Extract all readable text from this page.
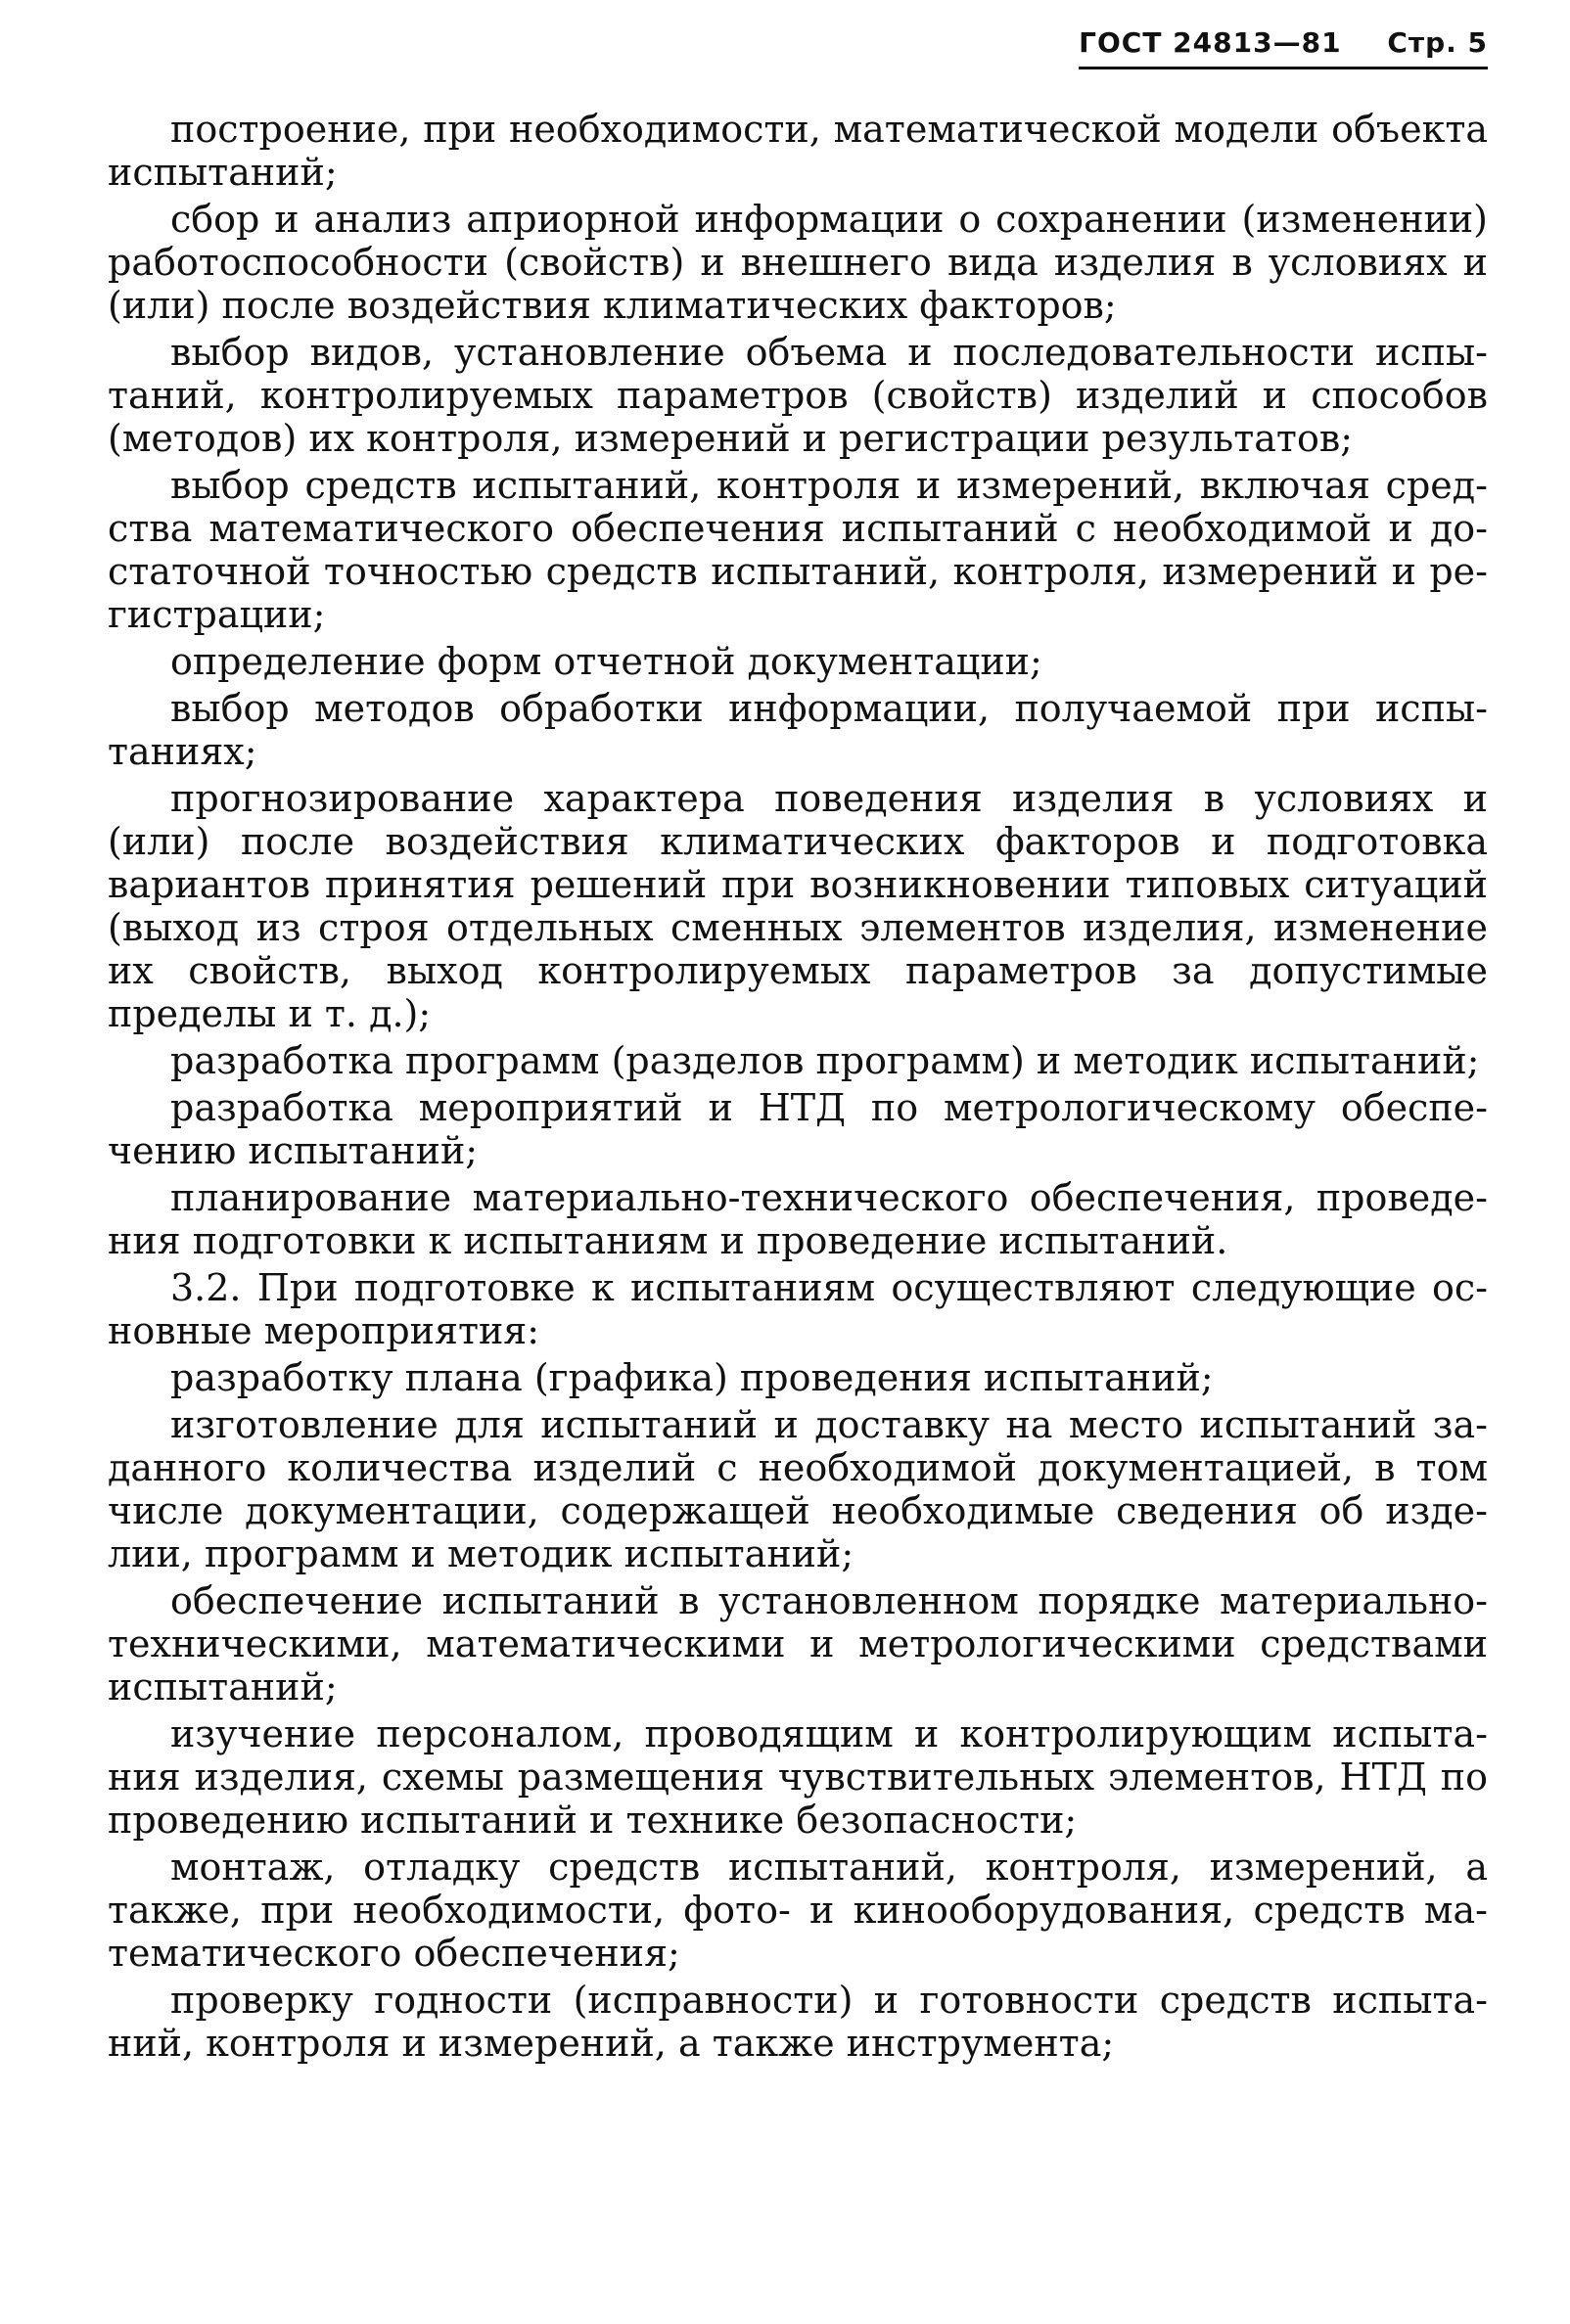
ГОСТ 24813—81 Стр. 5

построение, при необходимости, математической модели объекта испытаний;

сбор и анализ априорной информации о сохранении (изменении) работоспособности (свойств) и внешнего вида изделия в условиях и (или) после воздействия климатических факторов;

выбор видов, установление объема и последовательности испытаний, контролируемых параметров (свойств) изделий и способов (методов) их контроля, измерений и регистрации результатов;

выбор средств испытаний, контроля и измерений, включая средства математического обеспечения испытаний с необходимой и достаточной точностью средств испытаний, контроля, измерений и регистрации;

определение форм отчетной документации;

выбор методов обработки информации, получаемой при испытаниях;

прогнозирование характера поведения изделия в условиях и (или) после воздействия климатических факторов и подготовка вариантов принятия решений при возникновении типовых ситуаций (выход из строя отдельных сменных элементов изделия, изменение их свойств, выход контролируемых параметров за допустимые пределы и т. д.);

разработка программ (разделов программ) и методик испытаний;

разработка мероприятий и НТД по метрологическому обеспечению испытаний;

планирование материально-технического обеспечения, проведения подготовки к испытаниям и проведение испытаний.

3.2. При подготовке к испытаниям осуществляют следующие основные мероприятия:

разработку плана (графика) проведения испытаний;

изготовление для испытаний и доставку на место испытаний заданного количества изделий с необходимой документацией, в том числе документации, содержащей необходимые сведения об изделии, программ и методик испытаний;

обеспечение испытаний в установленном порядке материально-техническими, математическими и метрологическими средствами испытаний;

изучение персоналом, проводящим и контролирующим испытания изделия, схемы размещения чувствительных элементов, НТД по проведению испытаний и технике безопасности;

монтаж, отладку средств испытаний, контроля, измерений, а также, при необходимости, фото- и кинооборудования, средств математического обеспечения;

проверку годности (исправности) и готовности средств испытаний, контроля и измерений, а также инструмента;
